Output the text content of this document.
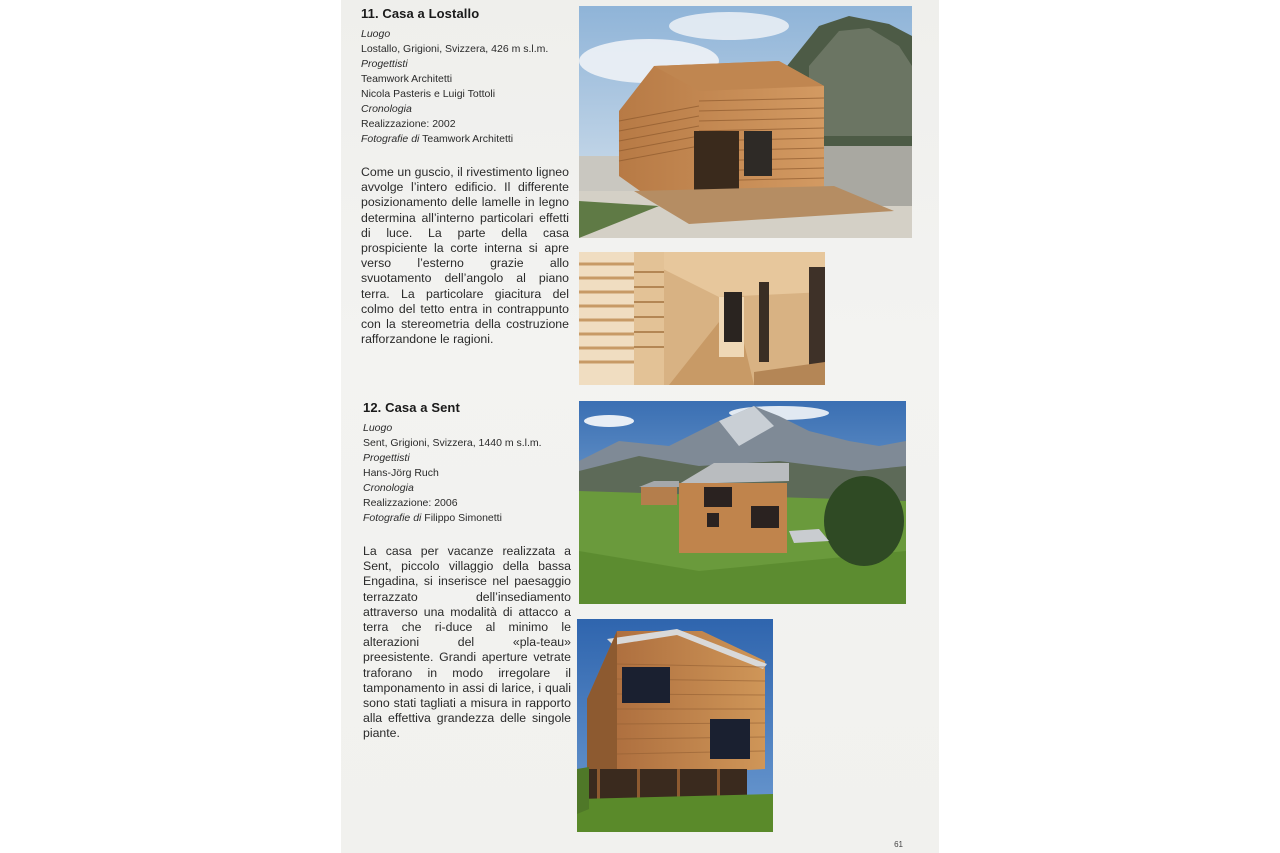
11. Casa a Lostallo
Luogo
Lostallo, Grigioni, Svizzera, 426 m s.l.m.
Progettisti
Teamwork Architetti
Nicola Pasteris e Luigi Tottoli
Cronologia
Realizzazione: 2002
Fotografie di Teamwork Architetti
Come un guscio, il rivestimento ligneo avvolge l’intero edificio. Il differente posizionamento delle lamelle in legno determina all’interno particolari effetti di luce. La parte della casa prospiciente la corte interna si apre verso l’esterno grazie allo svuotamento dell’angolo al piano terra. La particolare giacitura del colmo del tetto entra in contrappunto con la stereometria della costruzione rafforzandone le ragioni.
12. Casa a Sent
Luogo
Sent, Grigioni, Svizzera, 1440 m s.l.m.
Progettisti
Hans-Jörg Ruch
Cronologia
Realizzazione: 2006
Fotografie di Filippo Simonetti
La casa per vacanze realizzata a Sent, piccolo villaggio della bassa Engadina, si inserisce nel paesaggio terrazzato dell’insediamento attraverso una modalità di attacco a terra che ri-duce al minimo le alterazioni del «pla-teau» preesistente. Grandi aperture vetrate traforano in modo irregolare il tamponamento in assi di larice, i quali sono stati tagliati a misura in rapporto alla effettiva grandezza delle singole piante.
61
